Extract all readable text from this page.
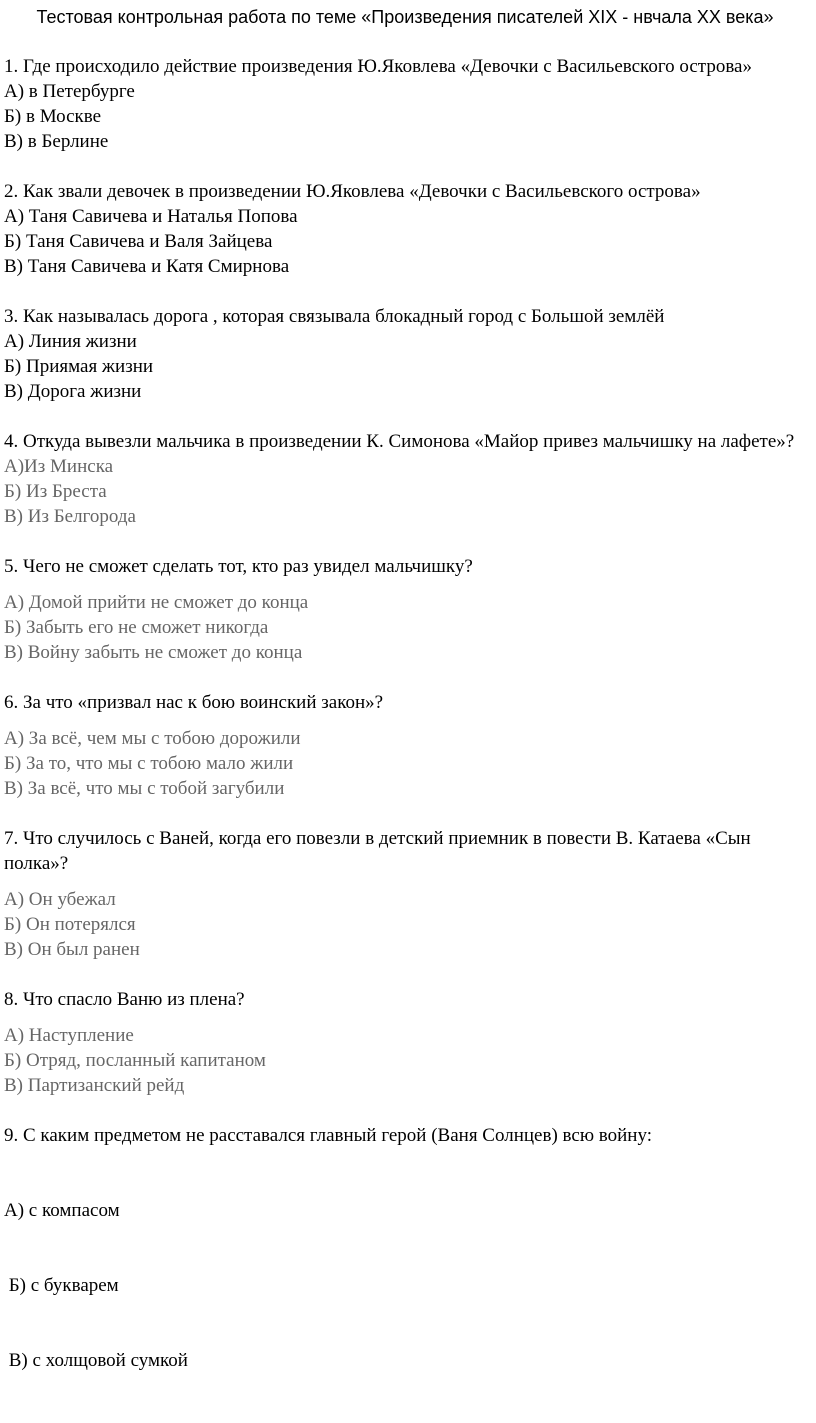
Тестовая контрольная работа по теме «Произведения писателей XIX - нвчала XX века»

1. Где происходило действие произведения Ю.Яковлева «Девочки с Васильевского острова»

А) в Петербурге
Б) в Москве
В) в Берлине

2. Как звали девочек в произведении Ю.Яковлева «Девочки с Васильевского острова»

А) Таня Савичева и Наталья Попова
Б) Таня Савичева и Валя Зайцева
В) Таня Савичева и Катя Смирнова

3. Как называлась дорога , которая связывала блокадный город с Большой землёй

А) Линия жизни
Б) Приямая жизни
В) Дорога жизни

4. Откуда вывезли мальчика в произведении К. Симонова «Майор привез мальчишку на лафете»?

А)Из Минска
Б) Из Бреста
В) Из Белгорода

5. Чего не сможет сделать тот, кто раз увидел мальчишку?

А) Домой прийти не сможет до конца
Б) Забыть его не сможет никогда
В) Войну забыть не сможет до конца

6. За что «призвал нас к бою воинский закон»?

А) За всё, чем мы с тобою дорожили
Б) За то, что мы с тобою мало жили
В) За всё, что мы с тобой загубили

7. Что случилось с Ваней, когда его повезли в детский приемник в повести В. Катаева «Сын полка»?

А) Он убежал
Б) Он потерялся
В) Он был ранен

8. Что спасло Ваню из плена?

А) Наступление
Б) Отряд, посланный капитаном
В) Партизанский рейд

9. С каким предметом не расставался главный герой (Ваня Солнцев) всю войну:

А) с компасом

Б) с букварем

В) с холщовой сумкой
